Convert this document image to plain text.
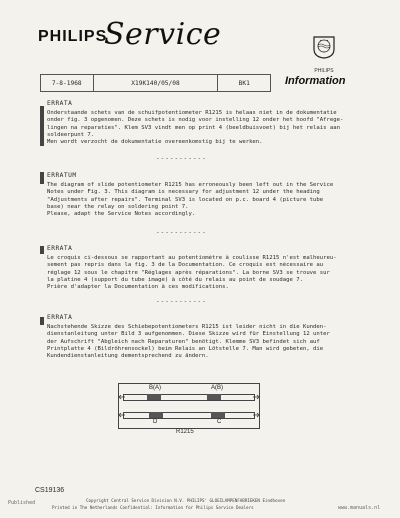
PHILIPS
Service
PHILIPS
7-8-1968	X19K140/05/08	BK1	Information
ERRATA

Onderstaande schets van de schuifpotentiometer R1215 is helaas niet in de dokumentatie
onder fig. 3 opgenomen. Deze schets is nodig voor instelling 12 onder het hoofd "Afrege-
lingen na reparaties". Klem SV3 vindt men op print 4 (beeldbuisvoet) bij het relais aan
soldeerpunt 7.
Men wordt verzocht de dokumentatie overeenkomstig bij te werken.

-----------
ERRATUM

The diagram of slide potentiometer R1215 has erroneously been left out in the Service
Notes under Fig. 3. This diagram is necessary for adjustment 12 under the heading
"Adjustments after repairs". Terminal SV3 is located on p.c. board 4 (picture tube
base) near the relay on soldering point 7.
Please, adapt the Service Notes accordingly.

-----------
ERRATA

Le croquis ci-dessous se rapportant au potentiomètre à coulisse R1215 n'est malheureu-
sement pas repris dans la fig. 3 de la Documentation. Ce croquis est nécessaire au
réglage 12 sous le chapitre "Réglages après réparations". La borne SV3 se trouve sur
la platine 4 (support du tube image) à côté du relais au point de soudage 7.
Prière d'adapter la Documentation à ces modifications.

-----------
ERRATA

Nachstehende Skizze des Schiebepotentiometers R1215 ist leider nicht in die Kunden-
dienstanleitung unter Bild 3 aufgenommen. Diese Skizze wird für Einstellung 12 unter
der Aufschrift "Abgleich nach Reparaturen" benötigt. Klemme SV3 befindet sich auf
Printplatte 4 (Bildröhrensockel) beim Relais an Lötstelle 7. Man wird gebeten, die
Kundendienstanleitung dementsprechend zu ändern.

B(A)	A(B)
D	C
R1215
CS19136
Copyright Central Service Division N.V. PHILIPS' GLOEILAMPENFABRIEKEN Eindhoven
Confidential: Information for Philips Service Dealers
Printed in The Netherlands
Published
www.manuals.nl
